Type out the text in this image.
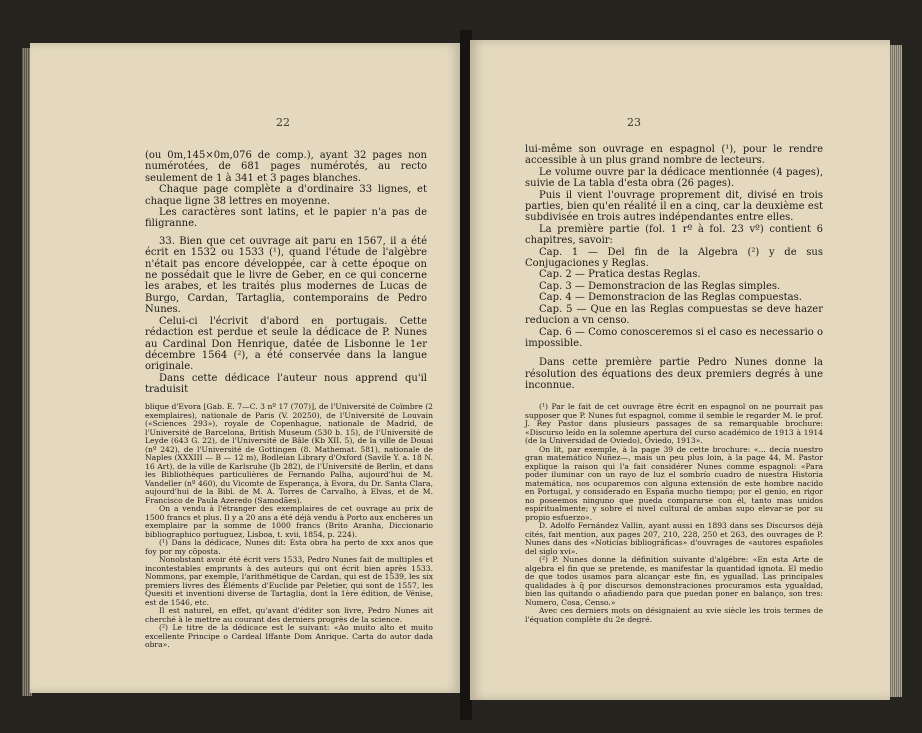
22

(ou 0m,145×0m,076 de comp.), ayant 32 pages non numérotées, de 681 pages numérotés, au recto seulement de 1 à 341 et 3 pages blanches.

Chaque page complète a d'ordinaire 33 lignes, et chaque ligne 38 lettres en moyenne.

Les caractères sont latins, et le papier n'a pas de filigranne.

33. Bien que cet ouvrage ait paru en 1567, il a été écrit en 1532 ou 1533 (¹), quand l'étude de l'algèbre n'était pas encore développée, car à cette époque on ne possédait que le livre de Geber, en ce qui concerne les arabes, et les traités plus modernes de Lucas de Burgo, Cardan, Tartaglia, contemporains de Pedro Nunes.

Celui-ci l'écrivit d'abord en portugais. Cette rédaction est perdue et seule la dédicace de P. Nunes au Cardinal Don Henrique, datée de Lisbonne le 1er décembre 1564 (²), a été conservée dans la langue originale.

Dans cette dédicace l'auteur nous apprend qu'il traduisit

blique d'Evora [Gab. E. 7—C. 3 nº 17 (707)], de l'Université de Coïmbre (2 exemplaires), nationale de Paris (V. 20250), de l'Université de Louvain («Sciences 293»), royale de Copenhague, nationale de Madrid, de l'Université de Barcelona, British Museum (530 b. 15), de l'Université de Leyde (643 G. 22), de l'Université de Bâle (Kb XII. 5), de la ville de Douai (nº 242), de l'Université de Gottingen (8. Mathemat. 581), nationale de Naples (XXXIII — B — 12 m), Bodleian Library d'Oxford (Savile Y. a. 18 N. 16 Art), de la ville de Karlsruhe (Jb 282), de l'Université de Berlin, et dans les Bibliothèques particulières de Fernando Palha, aujourd'hui de M. Vandeller (nº 460), du Vicomte de Esperança, à Evora, du Dr. Santa Clara, aujourd'hui de la Bibl. de M. A. Torres de Carvalho, à Elvas, et de M. Francisco de Paula Azeredo (Samodães).

On a vendu à l'étranger des exemplaires de cet ouvrage au prix de 1500 francs et plus. Il y a 20 ans a été déjà vendu à Porto aux enchères un exemplaire par la somme de 1000 francs (Brito Aranha, Diccionario bibliographico portuguez, Lisboa, t. xvii, 1854, p. 224).

(¹) Dans la dédicace, Nunes dit: Esta obra ha perto de xxx anos que foy por my cõposta.

Nonobstant avoir été écrit vers 1533, Pedro Nunes fait de multiples et incontestables emprunts à des auteurs qui ont écrit bien après 1533. Nommons, par exemple, l'arithmétique de Cardan, qui est de 1539, les six premiers livres des Éléments d'Euclide par Peletier, qui sont de 1557, les Quesiti et inventioni diverse de Tartaglia, dont la 1ère édition, de Vénise, est de 1546, etc.

Il est naturel, en effet, qu'avant d'éditer son livre, Pedro Nunes ait cherché à le mettre au courant des derniers progrès de la science.

(²) Le titre de la dédicace est le suivant: «Ao muito alto et muito excellente Principe o Cardeal Iffante Dom Anrique. Carta do autor dada obra».

23

lui-même son ouvrage en espagnol (¹), pour le rendre accessible à un plus grand nombre de lecteurs.

Le volume ouvre par la dédicace mentionnée (4 pages), suivie de La tabla d'esta obra (26 pages).

Puis il vient l'ouvrage proprement dit, divisé en trois parties, bien qu'en réalité il en a cinq, car la deuxième est subdivisée en trois autres indépendantes entre elles.

La première partie (fol. 1 rº à fol. 23 vº) contient 6 chapitres, savoir:

Cap. 1 — Del fin de la Algebra (²) y de sus Conjugaciones y Reglas.

Cap. 2 — Pratica destas Reglas.

Cap. 3 — Demonstracion de las Reglas simples.

Cap. 4 — Demonstracion de las Reglas compuestas.

Cap. 5 — Que en las Reglas compuestas se deve hazer reducion a vn censo.

Cap. 6 — Como conosceremos si el caso es necessario o impossible.

Dans cette première partie Pedro Nunes donne la résolution des équations des deux premiers degrés à une inconnue.

(¹) Par le fait de cet ouvrage être écrit en espagnol on ne pourrait pas supposer que P. Nunes fut espagnol, comme il semble le regarder M. le prof. J. Rey Pastor dans plusieurs passages de sa remarquable brochure: «Discurso leído en la solemne apertura del curso académico de 1913 à 1914 (de la Universidad de Oviedo), Oviedo, 1913».

On lit, par exemple, à la page 39 de cette brochure: «... decía nuestro gran matemático Nuñez—, mais un peu plus loin, à la page 44, M. Pastor explique la raison qui l'a fait considérer Nunes comme espagnol: «Para poder iluminar con un rayo de luz el sombrío cuadro de nuestra Historia matemática, nos ocuparemos con alguna extensión de este hombre nacido en Portugal, y considerado en España mucho tiempo; por el genio, en rigor no poseemos ninguno que pueda compararse con él, tanto mas unidos espiritualmente; y sobre el nivel cultural de ambas supo elevar-se por su propio esfuerzo».

D. Adolfo Fernández Vallin, ayant aussi en 1893 dans ses Discursos déjà cités, fait mention, aux pages 207, 210, 228, 250 et 263, des ouvrages de P. Nunes dans des «Noticias bibliográficas» d'ouvrages de «autores españoles del siglo xvi».

(²) P. Nunes donne la définition suivante d'algèbre: «En esta Arte de algebra el fin que se pretende, es manifestar la quantidad ignota. El medio de que todos usamos para alcançar este fin, es yguallad. Las principales qualidades à q̃ por discursos demonstraciones procuramos esta ygualdad, bien las quitando o añadiendo para que puedan poner en balanço, son tres: Numero, Cosa, Censo.»

Avec ces derniers mots on désignaient au xvie siècle les trois termes de l'équation complète du 2e degré.
